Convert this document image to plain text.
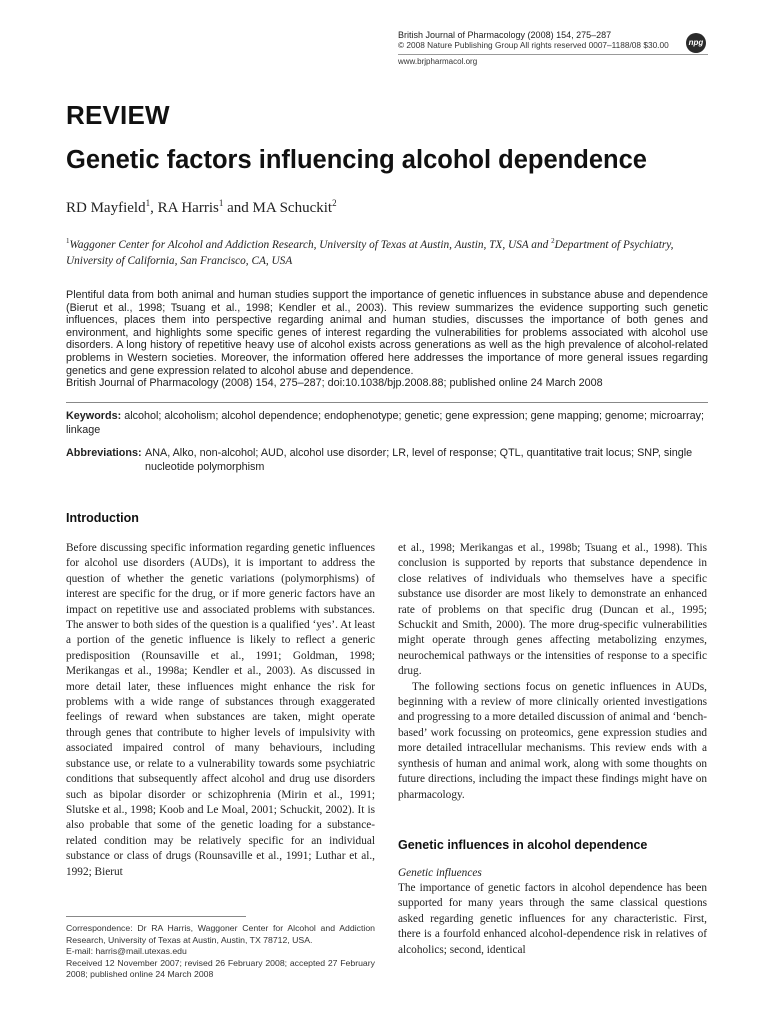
British Journal of Pharmacology (2008) 154, 275–287
© 2008 Nature Publishing Group All rights reserved 0007–1188/08 $30.00	npg
www.brjpharmacol.org
REVIEW
Genetic factors influencing alcohol dependence
RD Mayfield$^1$, RA Harris$^1$ and MA Schuckit$^2$
$^1$Waggoner Center for Alcohol and Addiction Research, University of Texas at Austin, Austin, TX, USA and $^2$Department of Psychiatry, University of California, San Francisco, CA, USA

Plentiful data from both animal and human studies support the importance of genetic influences in substance abuse and dependence (Bierut et al., 1998; Tsuang et al., 1998; Kendler et al., 2003). This review summarizes the evidence supporting such genetic influences, places them into perspective regarding animal and human studies, discusses the importance of both genes and environment, and highlights some specific genes of interest regarding the vulnerabilities for problems associated with alcohol use disorders. A long history of repetitive heavy use of alcohol exists across generations as well as the high prevalence of alcohol-related problems in Western societies. Moreover, the information offered here addresses the importance of more general issues regarding genetics and gene expression related to alcohol abuse and dependence.

British Journal of Pharmacology (2008) 154, 275–287; doi:10.1038/bjp.2008.88; published online 24 March 2008

Keywords: alcohol; alcoholism; alcohol dependence; endophenotype; genetic; gene expression; gene mapping; genome; microarray; linkage
Abbreviations: ANA, Alko, non-alcohol; AUD, alcohol use disorder; LR, level of response; QTL, quantitative trait locus; SNP, single nucleotide polymorphism
Introduction

Before discussing specific information regarding genetic influences for alcohol use disorders (AUDs), it is important to address the question of whether the genetic variations (polymorphisms) of interest are specific for the drug, or if more generic factors have an impact on repetitive use and associated problems with substances. The answer to both sides of the question is a qualified ‘yes’. At least a portion of the genetic influence is likely to reflect a generic predisposition (Rounsaville et al., 1991; Goldman, 1998; Merikangas et al., 1998a; Kendler et al., 2003). As discussed in more detail later, these influences might enhance the risk for problems with a wide range of substances through exaggerated feelings of reward when substances are taken, might operate through genes that contribute to higher levels of impulsivity with associated impaired control of many behaviours, including substance use, or relate to a vulnerability towards some psychiatric conditions that subsequently affect alcohol and drug use disorders such as bipolar disorder or schizophrenia (Mirin et al., 1991; Slutske et al., 1998; Koob and Le Moal, 2001; Schuckit, 2002). It is also probable that some of the genetic loading for a substance-related condition may be relatively specific for an individual substance or class of drugs (Rounsaville et al., 1991; Luthar et al., 1992; Bierut

et al., 1998; Merikangas et al., 1998b; Tsuang et al., 1998). This conclusion is supported by reports that substance dependence in close relatives of individuals who themselves have a specific substance use disorder are most likely to demonstrate an enhanced rate of problems on that specific drug (Duncan et al., 1995; Schuckit and Smith, 2000). The more drug-specific vulnerabilities might operate through genes affecting metabolizing enzymes, neurochemical pathways or the intensities of response to a specific drug.

The following sections focus on genetic influences in AUDs, beginning with a review of more clinically oriented investigations and progressing to a more detailed discussion of animal and ‘bench-based’ work focussing on proteomics, gene expression studies and more detailed intracellular mechanisms. This review ends with a synthesis of human and animal work, along with some thoughts on future directions, including the impact these findings might have on pharmacology.

Genetic influences in alcohol dependence
Genetic influences

The importance of genetic factors in alcohol dependence has been supported for many years through the same classical questions asked regarding genetic influences for any characteristic. First, there is a fourfold enhanced alcohol-dependence risk in relatives of alcoholics; second, identical

Correspondence: Dr RA Harris, Waggoner Center for Alcohol and Addiction Research, University of Texas at Austin, Austin, TX 78712, USA.

E-mail: harris@mail.utexas.edu

Received 12 November 2007; revised 26 February 2008; accepted 27 February 2008; published online 24 March 2008
